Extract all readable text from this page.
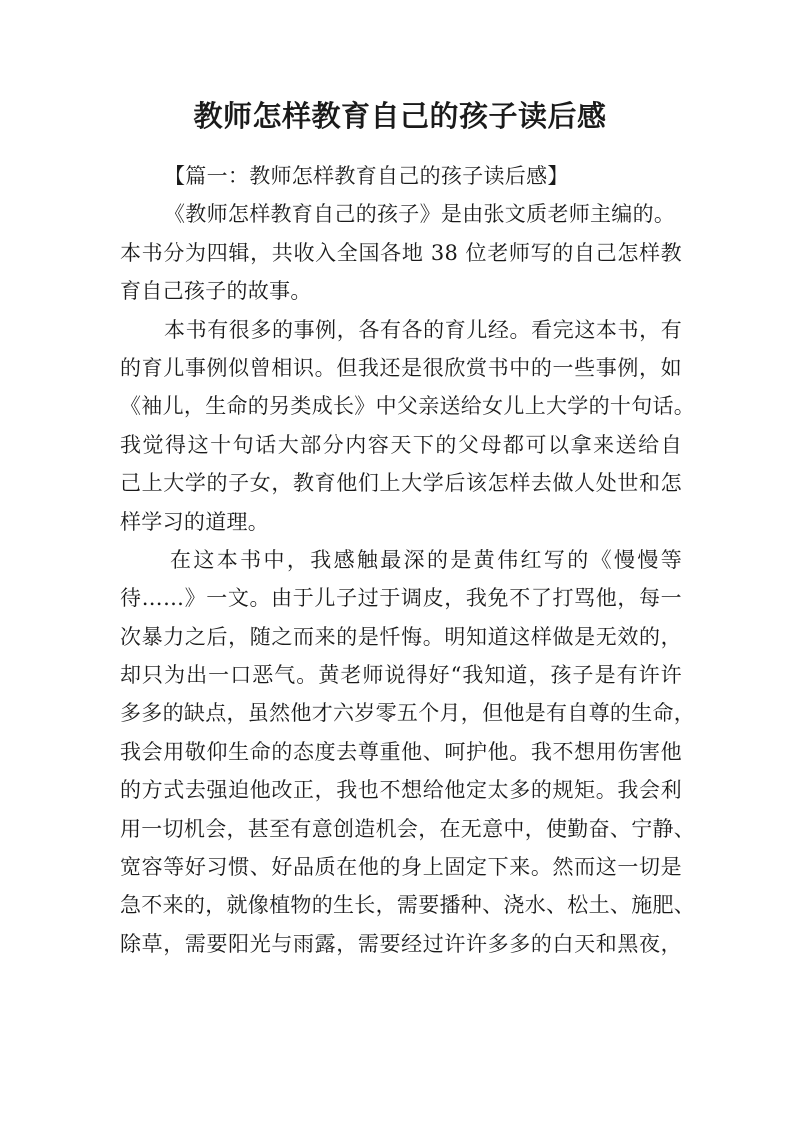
教师怎样教育自己的孩子读后感
【篇一：教师怎样教育自己的孩子读后感】
《教师怎样教育自己的孩子》是由张文质老师主编的。
本书分为四辑，共收入全国各地 38 位老师写的自己怎样教
育自己孩子的故事。
本书有很多的事例，各有各的育儿经。看完这本书，有
的育儿事例似曾相识。但我还是很欣赏书中的一些事例，如
《袖儿，生命的另类成长》中父亲送给女儿上大学的十句话。
我觉得这十句话大部分内容天下的父母都可以拿来送给自
己上大学的子女，教育他们上大学后该怎样去做人处世和怎
样学习的道理。
在这本书中，我感触最深的是黄伟红写的《慢慢等
待……》一文。由于儿子过于调皮，我免不了打骂他，每一
次暴力之后，随之而来的是忏悔。明知道这样做是无效的，
却只为出一口恶气。黄老师说得好“我知道，孩子是有许许
多多的缺点，虽然他才六岁零五个月，但他是有自尊的生命，
我会用敬仰生命的态度去尊重他、呵护他。我不想用伤害他
的方式去强迫他改正，我也不想给他定太多的规矩。我会利
用一切机会，甚至有意创造机会，在无意中，使勤奋、宁静、
宽容等好习惯、好品质在他的身上固定下来。然而这一切是
急不来的，就像植物的生长，需要播种、浇水、松土、施肥、
除草，需要阳光与雨露，需要经过许许多多的白天和黑夜，
